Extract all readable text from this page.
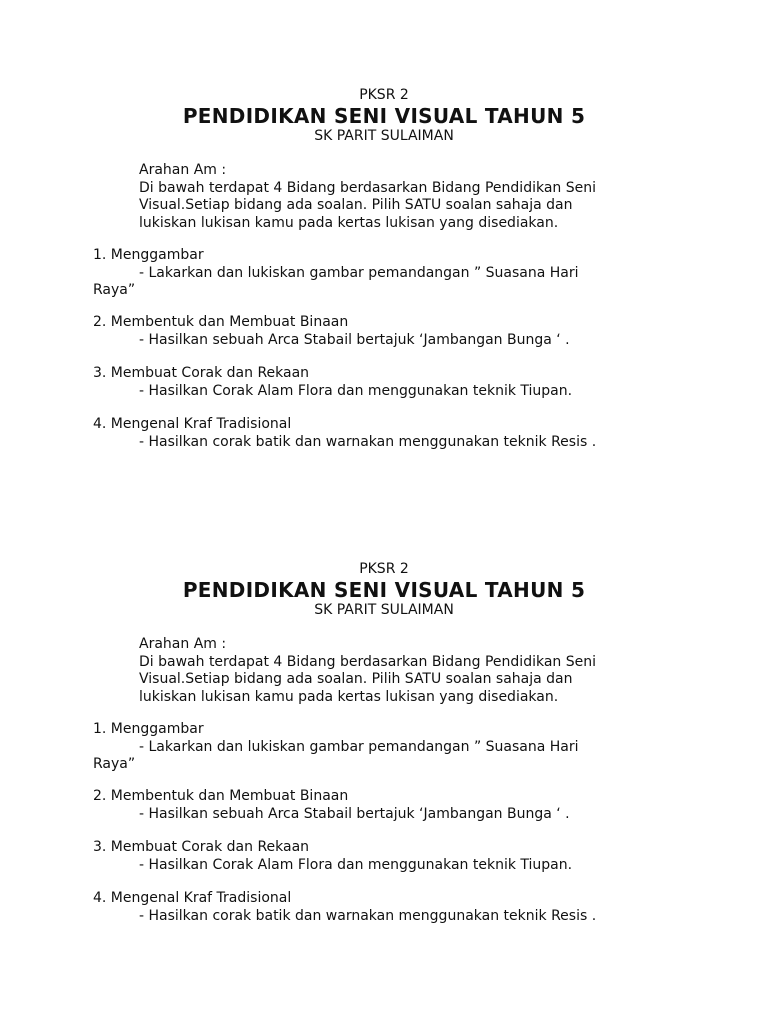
PKSR 2
PENDIDIKAN SENI VISUAL TAHUN 5
SK PARIT SULAIMAN
Arahan Am :
Di bawah terdapat 4 Bidang berdasarkan Bidang Pendidikan Seni
Visual.Setiap bidang ada soalan. Pilih SATU soalan sahaja dan
lukiskan lukisan kamu pada kertas lukisan yang disediakan.
1. Menggambar
- Lakarkan dan lukiskan gambar pemandangan ” Suasana Hari
Raya”
2. Membentuk dan Membuat Binaan
- Hasilkan sebuah Arca Stabail bertajuk ‘Jambangan Bunga ‘ .
3. Membuat Corak dan Rekaan
- Hasilkan Corak Alam Flora dan menggunakan teknik Tiupan.
4. Mengenal Kraf Tradisional
- Hasilkan corak batik dan warnakan menggunakan teknik Resis .
PKSR 2
PENDIDIKAN SENI VISUAL TAHUN 5
SK PARIT SULAIMAN
Arahan Am :
Di bawah terdapat 4 Bidang berdasarkan Bidang Pendidikan Seni
Visual.Setiap bidang ada soalan. Pilih SATU soalan sahaja dan
lukiskan lukisan kamu pada kertas lukisan yang disediakan.
1. Menggambar
- Lakarkan dan lukiskan gambar pemandangan ” Suasana Hari
Raya”
2. Membentuk dan Membuat Binaan
- Hasilkan sebuah Arca Stabail bertajuk ‘Jambangan Bunga ‘ .
3. Membuat Corak dan Rekaan
- Hasilkan Corak Alam Flora dan menggunakan teknik Tiupan.
4. Mengenal Kraf Tradisional
- Hasilkan corak batik dan warnakan menggunakan teknik Resis .
